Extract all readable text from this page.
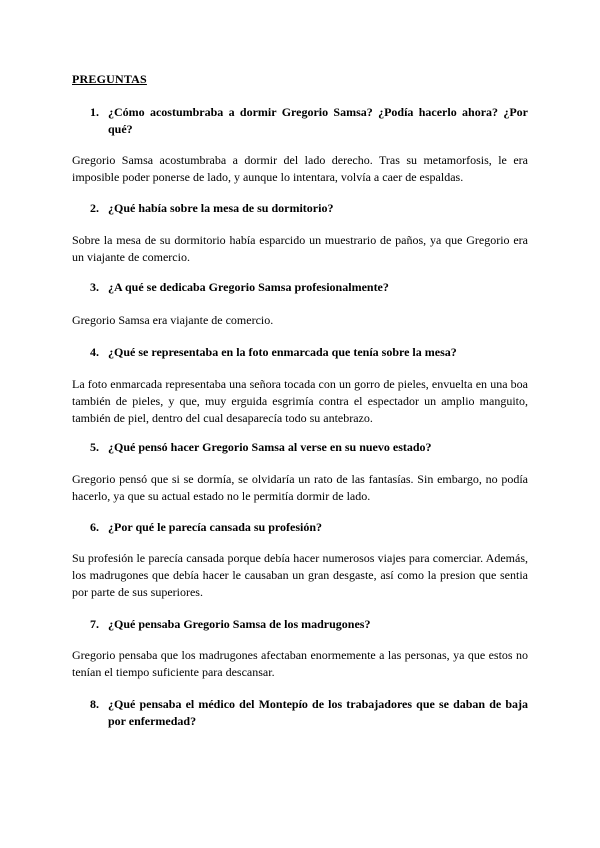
PREGUNTAS
1. ¿Cómo acostumbraba a dormir Gregorio Samsa? ¿Podía hacerlo ahora? ¿Por qué?
Gregorio Samsa acostumbraba a dormir del lado derecho. Tras su metamorfosis, le era imposible poder ponerse de lado, y aunque lo intentara, volvía a caer de espaldas.
2. ¿Qué había sobre la mesa de su dormitorio?
Sobre la mesa de su dormitorio había esparcido un muestrario de paños, ya que Gregorio era un viajante de comercio.
3. ¿A qué se dedicaba Gregorio Samsa profesionalmente?
Gregorio Samsa era viajante de comercio.
4. ¿Qué se representaba en la foto enmarcada que tenía sobre la mesa?
La foto enmarcada representaba una señora tocada con un gorro de pieles, envuelta en una boa también de pieles, y que, muy erguida esgrimía contra el espectador un amplio manguito, también de piel, dentro del cual desaparecía todo su antebrazo.
5. ¿Qué pensó hacer Gregorio Samsa al verse en su nuevo estado?
Gregorio pensó que si se dormía, se olvidaría un rato de las fantasías. Sin embargo, no podía hacerlo, ya que su actual estado no le permitía dormir de lado.
6. ¿Por qué le parecía cansada su profesión?
Su profesión le parecía cansada porque debía hacer numerosos viajes para comerciar. Además, los madrugones que debía hacer le causaban un gran desgaste, así como la presion que sentia por parte de sus superiores.
7. ¿Qué pensaba Gregorio Samsa de los madrugones?
Gregorio pensaba que los madrugones afectaban enormemente a las personas, ya que estos no tenían el tiempo suficiente para descansar.
8. ¿Qué pensaba el médico del Montepío de los trabajadores que se daban de baja por enfermedad?
